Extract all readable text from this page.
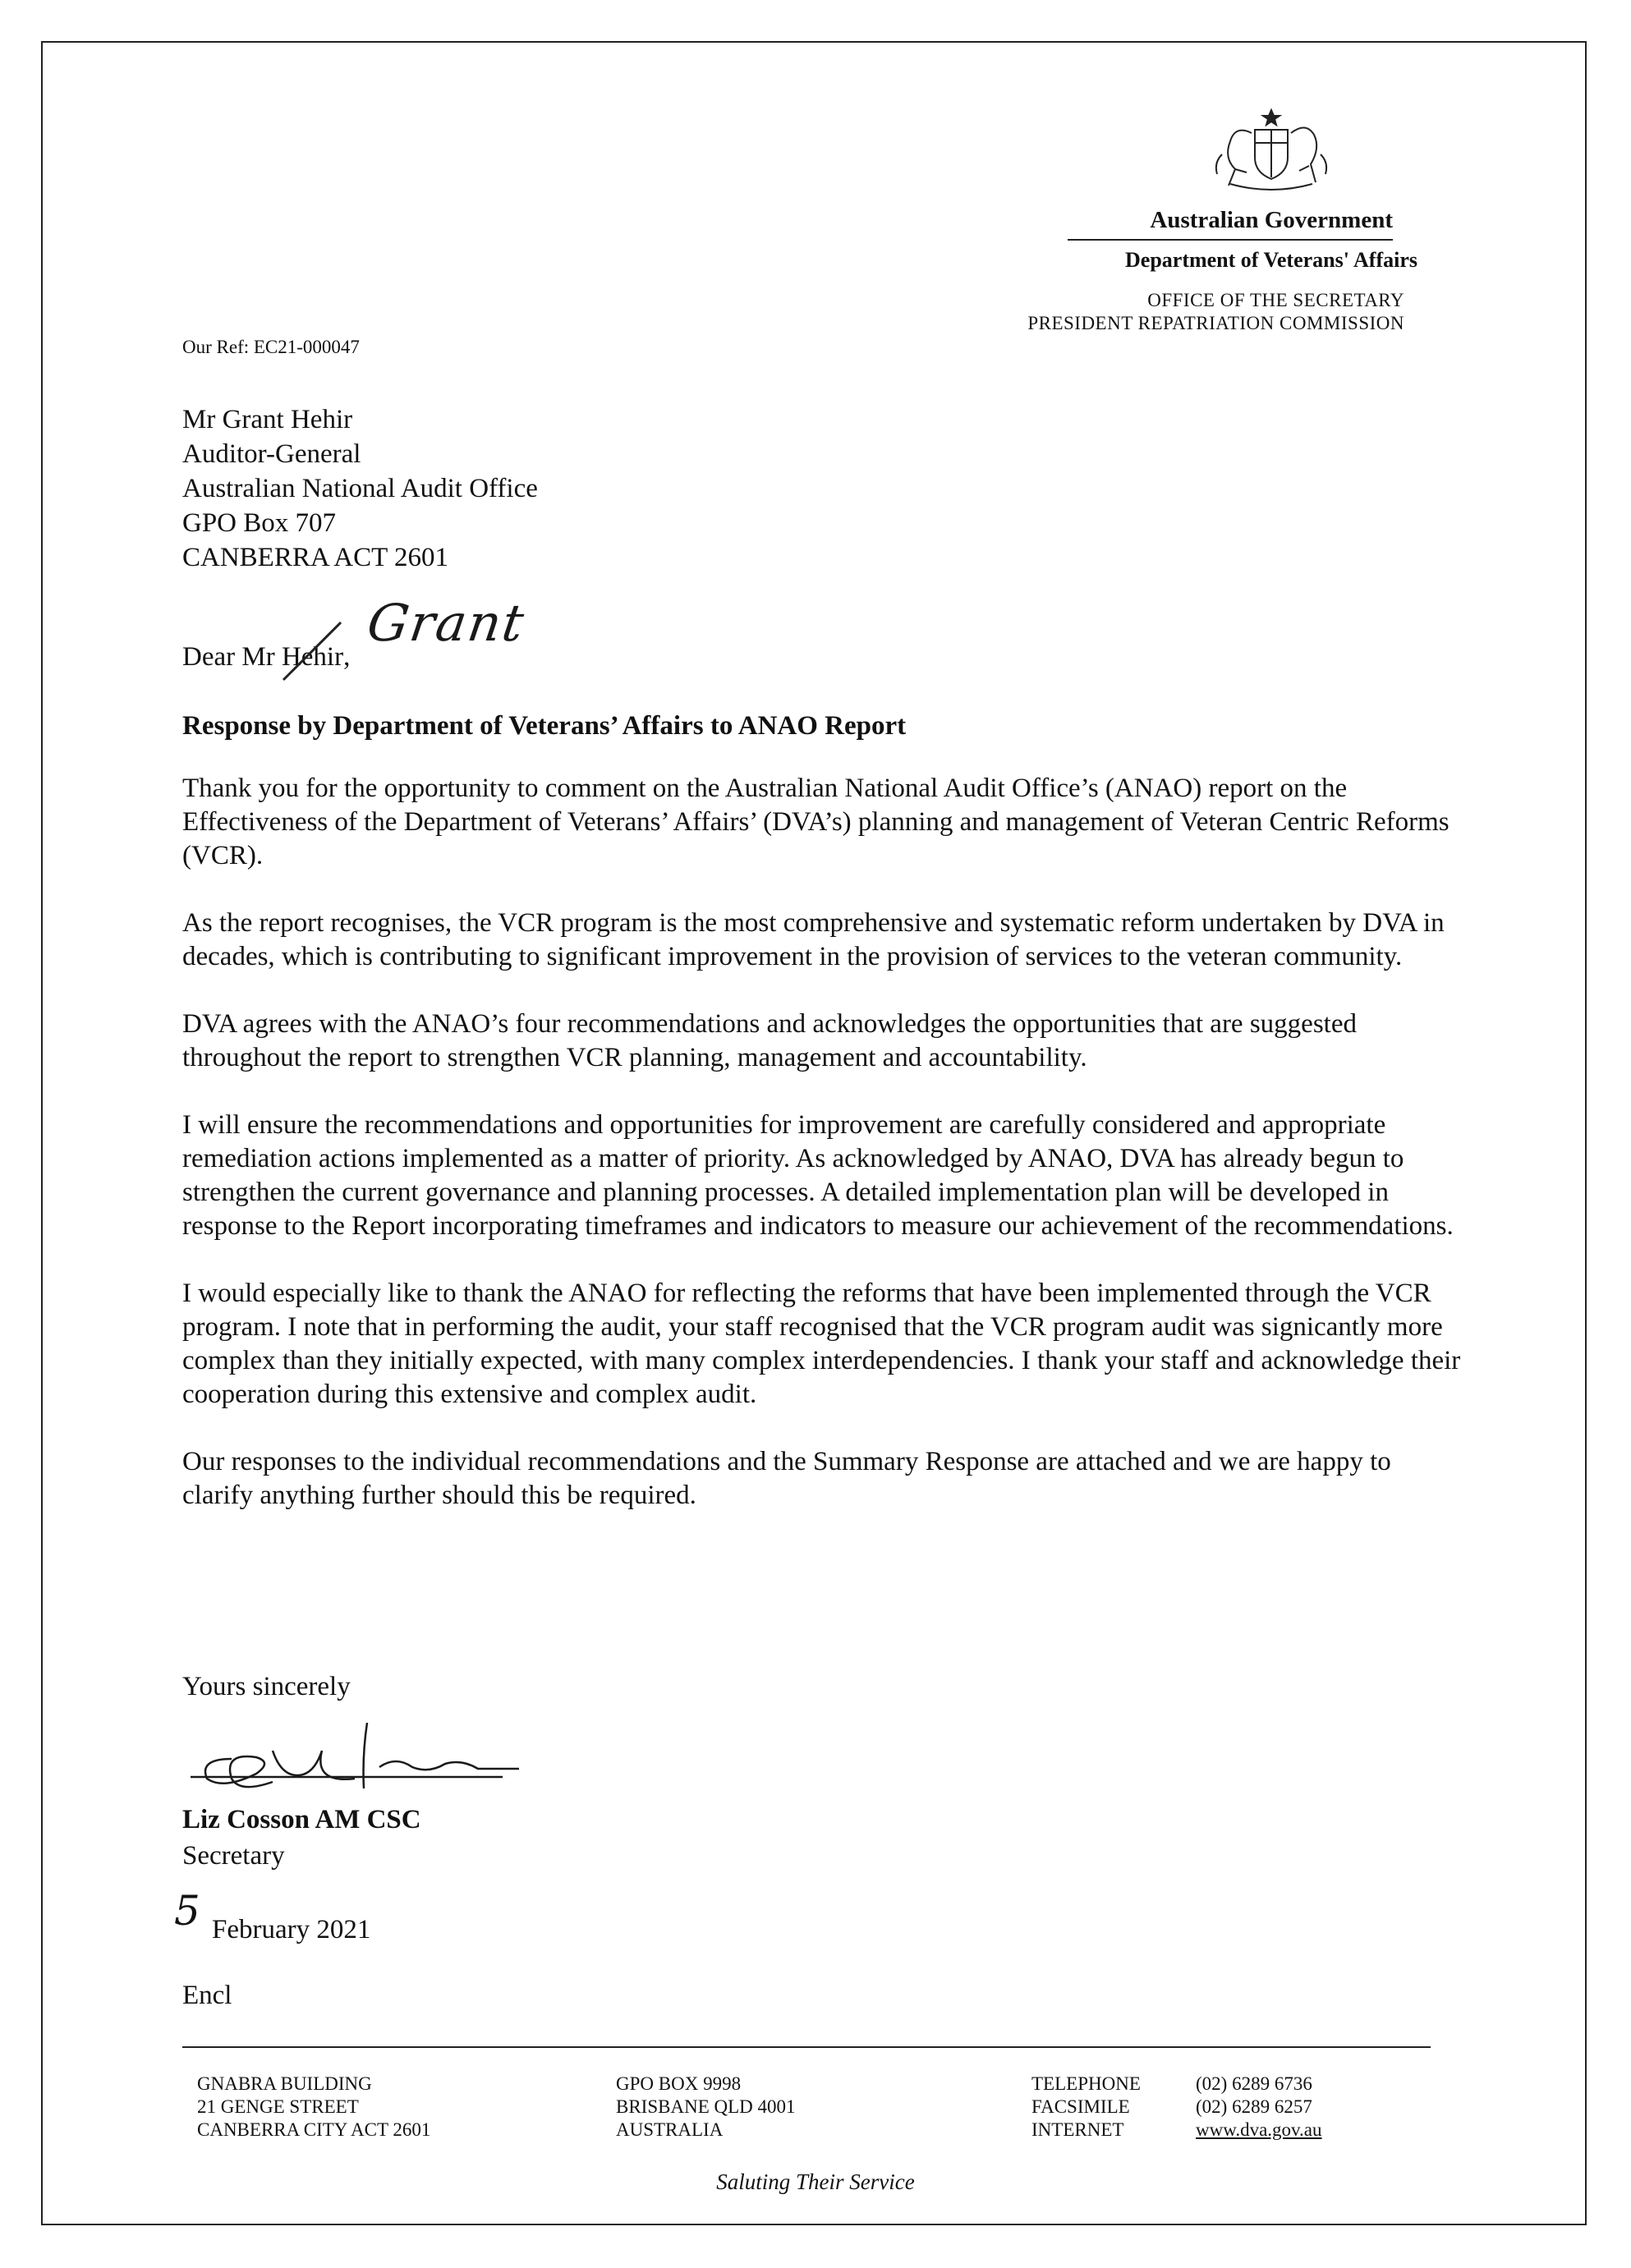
Australian Government
Department of Veterans' Affairs
OFFICE OF THE SECRETARY
PRESIDENT REPATRIATION COMMISSION
Our Ref: EC21-000047
Mr Grant Hehir
Auditor-General
Australian National Audit Office
GPO Box 707
CANBERRA ACT 2601
Dear Mr Hehir
,
Grant
Response by Department of Veterans’ Affairs to ANAO Report

Thank you for the opportunity to comment on the Australian National Audit Office’s (ANAO) report on the Effectiveness of the Department of Veterans’ Affairs’ (DVA’s) planning and management of Veteran Centric Reforms (VCR).

As the report recognises, the VCR program is the most comprehensive and systematic reform undertaken by DVA in decades, which is contributing to significant improvement in the provision of services to the veteran community.

DVA agrees with the ANAO’s four recommendations and acknowledges the opportunities that are suggested throughout the report to strengthen VCR planning, management and accountability.

I will ensure the recommendations and opportunities for improvement are carefully considered and appropriate remediation actions implemented as a matter of priority. As acknowledged by ANAO, DVA has already begun to strengthen the current governance and planning processes. A detailed implementation plan will be developed in response to the Report incorporating timeframes and indicators to measure our achievement of the recommendations.

I would especially like to thank the ANAO for reflecting the reforms that have been implemented through the VCR program. I note that in performing the audit, your staff recognised that the VCR program audit was signicantly more complex than they initially expected, with many complex interdependencies. I thank your staff and acknowledge their cooperation during this extensive and complex audit.

Our responses to the individual recommendations and the Summary Response are attached and we are happy to clarify anything further should this be required.

Yours sincerely
Liz Cosson AM CSC
Secretary
5 February 2021
Encl
GNABRA BUILDING
21 GENGE STREET
CANBERRA CITY ACT 2601
GPO BOX 9998
BRISBANE QLD 4001
AUSTRALIA
TELEPHONE	(02) 6289 6736
FACSIMILE	(02) 6289 6257
INTERNET	www.dva.gov.au
Saluting Their Service
